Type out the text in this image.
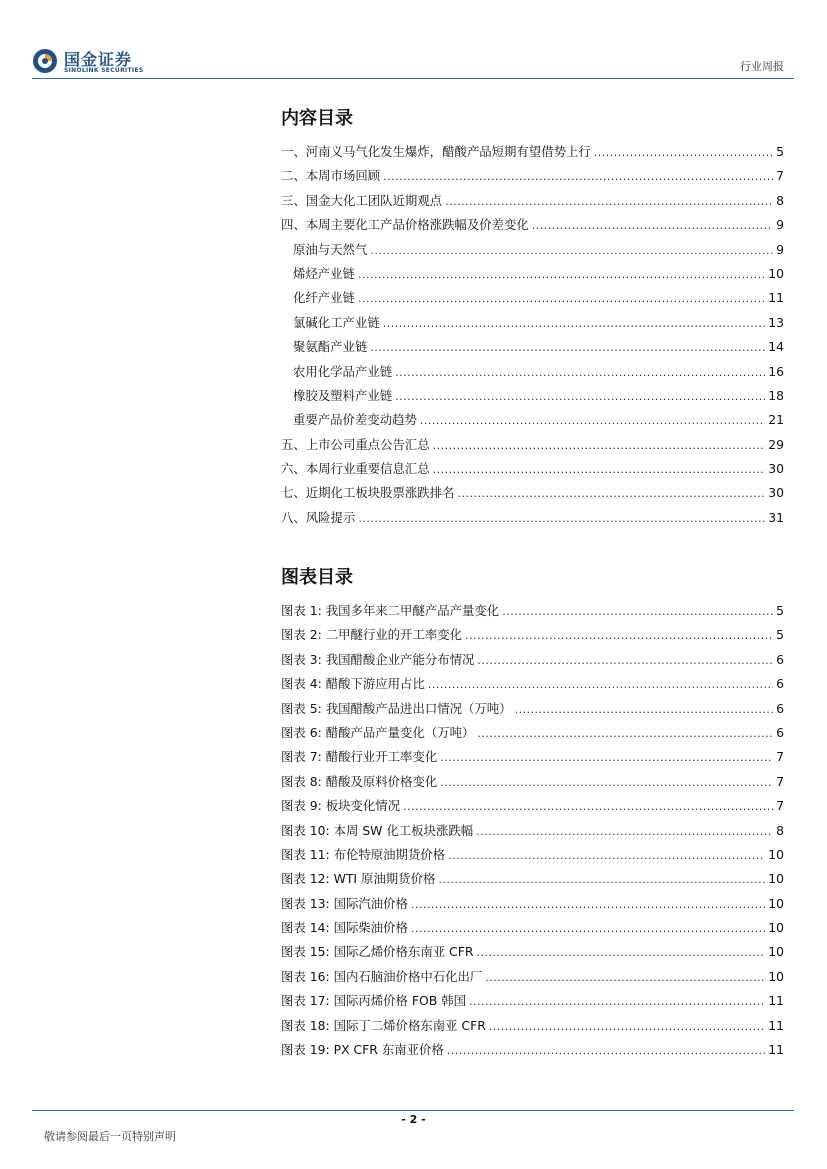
国金证券
SINOLINK SECURITIES	行业周报
内容目录
一、河南义马气化发生爆炸，醋酸产品短期有望借势上行 .....	5
二、本周市场回顾 .....	7
三、国金大化工团队近期观点 .....	8
四、本周主要化工产品价格涨跌幅及价差变化 .....	9
原油与天然气 .....	9
烯烃产业链 .....	10
化纤产业链 .....	11
氯碱化工产业链 .....	13
聚氨酯产业链 .....	14
农用化学品产业链 .....	16
橡胶及塑料产业链 .....	18
重要产品价差变动趋势 .....	21
五、上市公司重点公告汇总 .....	29
六、本周行业重要信息汇总 .....	30
七、近期化工板块股票涨跌排名 .....	30
八、风险提示 .....	31
图表目录
图表 1: 我国多年来二甲醚产品产量变化 .....	5
图表 2: 二甲醚行业的开工率变化 .....	5
图表 3: 我国醋酸企业产能分布情况 .....	6
图表 4: 醋酸下游应用占比 .....	6
图表 5: 我国醋酸产品进出口情况（万吨） .....	6
图表 6: 醋酸产品产量变化（万吨） .....	6
图表 7: 醋酸行业开工率变化 .....	7
图表 8: 醋酸及原料价格变化 .....	7
图表 9: 板块变化情况 .....	7
图表 10: 本周 SW 化工板块涨跌幅 .....	8
图表 11: 布伦特原油期货价格 .....	10
图表 12: WTI 原油期货价格 .....	10
图表 13: 国际汽油价格 .....	10
图表 14: 国际柴油价格 .....	10
图表 15: 国际乙烯价格东南亚 CFR .....	10
图表 16: 国内石脑油价格中石化出厂 .....	10
图表 17: 国际丙烯价格 FOB 韩国 .....	11
图表 18: 国际丁二烯价格东南亚 CFR .....	11
图表 19: PX CFR 东南亚价格 .....	11
- 2 -
敬请参阅最后一页特别声明
